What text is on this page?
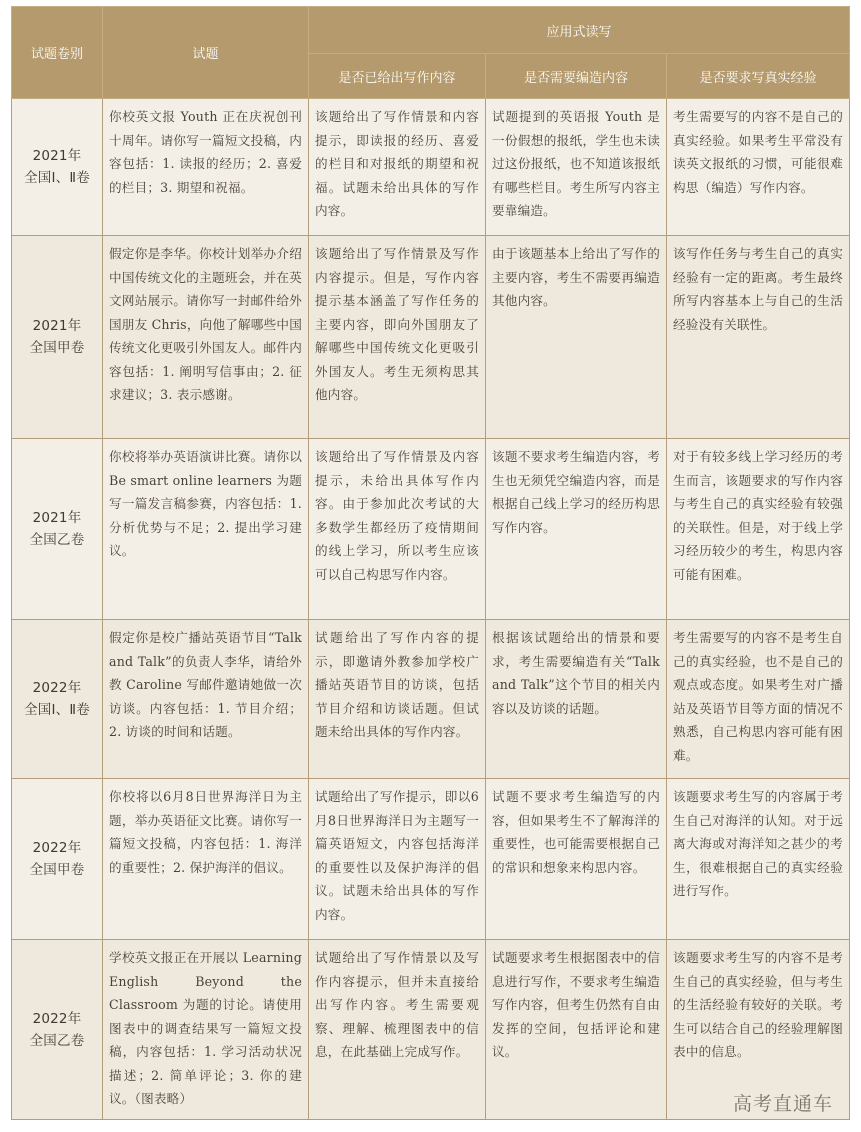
试题卷别	试题	应用式读写		
		是否已给出写作内容	是否需要编造内容	是否要求写真实经验

2021年
全国Ⅰ、Ⅱ卷	你校英文报 Youth 正在庆祝创刊十周年。请你写一篇短文投稿，内容包括：1. 读报的经历；2. 喜爱的栏目；3. 期望和祝福。	该题给出了写作情景和内容提示，即读报的经历、喜爱的栏目和对报纸的期望和祝福。试题未给出具体的写作内容。	试题提到的英语报 Youth 是一份假想的报纸，学生也未读过这份报纸，也不知道该报纸有哪些栏目。考生所写内容主要靠编造。	考生需要写的内容不是自己的真实经验。如果考生平常没有读英文报纸的习惯，可能很难构思（编造）写作内容。

2021年
全国甲卷	假定你是李华。你校计划举办介绍中国传统文化的主题班会，并在英文网站展示。请你写一封邮件给外国朋友 Chris，向他了解哪些中国传统文化更吸引外国友人。邮件内容包括：1. 阐明写信事由；2. 征求建议；3. 表示感谢。	该题给出了写作情景及写作内容提示。但是，写作内容提示基本涵盖了写作任务的主要内容，即向外国朋友了解哪些中国传统文化更吸引外国友人。考生无须构思其他内容。	由于该题基本上给出了写作的主要内容，考生不需要再编造其他内容。	该写作任务与考生自己的真实经验有一定的距离。考生最终所写内容基本上与自己的生活经验没有关联性。

2021年
全国乙卷	你校将举办英语演讲比赛。请你以 Be smart online learners 为题写一篇发言稿参赛，内容包括：1. 分析优势与不足；2. 提出学习建议。	该题给出了写作情景及内容提示，未给出具体写作内容。由于参加此次考试的大多数学生都经历了疫情期间的线上学习，所以考生应该可以自己构思写作内容。	该题不要求考生编造内容，考生也无须凭空编造内容，而是根据自己线上学习的经历构思写作内容。	对于有较多线上学习经历的考生而言，该题要求的写作内容与考生自己的真实经验有较强的关联性。但是，对于线上学习经历较少的考生，构思内容可能有困难。

2022年
全国Ⅰ、Ⅱ卷	假定你是校广播站英语节目“Talk and Talk”的负责人李华，请给外教 Caroline 写邮件邀请她做一次访谈。内容包括：1. 节目介绍；2. 访谈的时间和话题。	试题给出了写作内容的提示，即邀请外教参加学校广播站英语节目的访谈，包括节目介绍和访谈话题。但试题未给出具体的写作内容。	根据该试题给出的情景和要求，考生需要编造有关“Talk and Talk”这个节目的相关内容以及访谈的话题。	考生需要写的内容不是考生自己的真实经验，也不是自己的观点或态度。如果考生对广播站及英语节目等方面的情况不熟悉，自己构思内容可能有困难。

2022年
全国甲卷	你校将以6月8日世界海洋日为主题，举办英语征文比赛。请你写一篇短文投稿，内容包括：1. 海洋的重要性；2. 保护海洋的倡议。	试题给出了写作提示，即以6月8日世界海洋日为主题写一篇英语短文，内容包括海洋的重要性以及保护海洋的倡议。试题未给出具体的写作内容。	试题不要求考生编造写的内容，但如果考生不了解海洋的重要性，也可能需要根据自己的常识和想象来构思内容。	该题要求考生写的内容属于考生自己对海洋的认知。对于远离大海或对海洋知之甚少的考生，很难根据自己的真实经验进行写作。

2022年
全国乙卷	学校英文报正在开展以 Learning English Beyond the Classroom 为题的讨论。请使用图表中的调查结果写一篇短文投稿，内容包括：1. 学习活动状况描述；2. 简单评论；3. 你的建议。（图表略）	试题给出了写作情景以及写作内容提示，但并未直接给出写作内容。考生需要观察、理解、梳理图表中的信息，在此基础上完成写作。	试题要求考生根据图表中的信息进行写作，不要求考生编造写作内容，但考生仍然有自由发挥的空间，包括评论和建议。	该题要求考生写的内容不是考生自己的真实经验，但与考生的生活经验有较好的关联。考生可以结合自己的经验理解图表中的信息。
高考直通车
